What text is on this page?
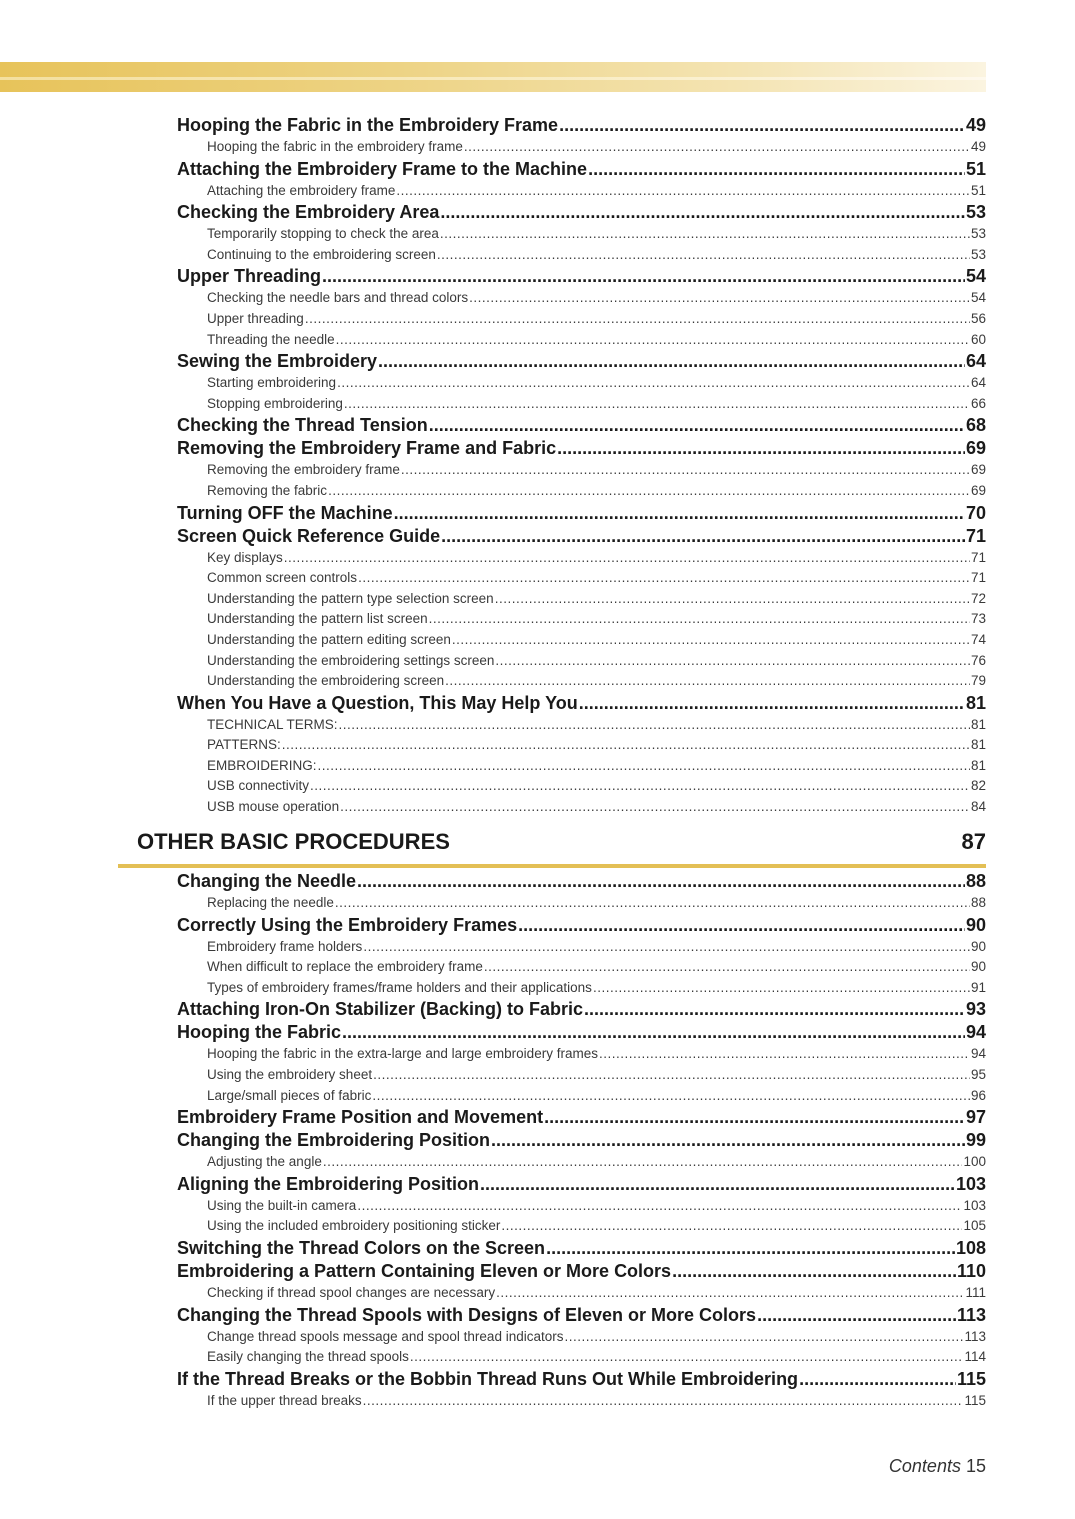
Hooping the Fabric in the Embroidery Frame .....	49
Hooping the fabric in the embroidery frame .....	49
Attaching the Embroidery Frame to the Machine .....	51
Attaching the embroidery frame .....	51
Checking the Embroidery Area .....	53
Temporarily stopping to check the area .....	53
Continuing to the embroidering screen .....	53
Upper Threading .....	54
Checking the needle bars and thread colors .....	54
Upper threading .....	56
Threading the needle .....	60
Sewing the Embroidery .....	64
Starting embroidering .....	64
Stopping embroidering .....	66
Checking the Thread Tension .....	68
Removing the Embroidery Frame and Fabric .....	69
Removing the embroidery frame .....	69
Removing the fabric .....	69
Turning OFF the Machine .....	70
Screen Quick Reference Guide .....	71
Key displays .....	71
Common screen controls .....	71
Understanding the pattern type selection screen .....	72
Understanding the pattern list screen .....	73
Understanding the pattern editing screen .....	74
Understanding the embroidering settings screen .....	76
Understanding the embroidering screen .....	79
When You Have a Question, This May Help You .....	81
TECHNICAL TERMS: .....	81
PATTERNS: .....	81
EMBROIDERING: .....	81
USB connectivity .....	82
USB mouse operation .....	84
OTHER BASIC PROCEDURES	87
Changing the Needle .....	88
Replacing the needle .....	88
Correctly Using the Embroidery Frames .....	90
Embroidery frame holders .....	90
When difficult to replace the embroidery frame .....	90
Types of embroidery frames/frame holders and their applications .....	91
Attaching Iron-On Stabilizer (Backing) to Fabric .....	93
Hooping the Fabric .....	94
Hooping the fabric in the extra-large and large embroidery frames .....	94
Using the embroidery sheet .....	95
Large/small pieces of fabric .....	96
Embroidery Frame Position and Movement .....	97
Changing the Embroidering Position .....	99
Adjusting the angle .....	100
Aligning the Embroidering Position .....	103
Using the built-in camera .....	103
Using the included embroidery positioning sticker .....	105
Switching the Thread Colors on the Screen .....	108
Embroidering a Pattern Containing Eleven or More Colors .....	110
Checking if thread spool changes are necessary .....	111
Changing the Thread Spools with Designs of Eleven or More Colors .....	113
Change thread spools message and spool thread indicators .....	113
Easily changing the thread spools .....	114
If the Thread Breaks or the Bobbin Thread Runs Out While Embroidering .....	115
If the upper thread breaks .....	115
Contents 15
